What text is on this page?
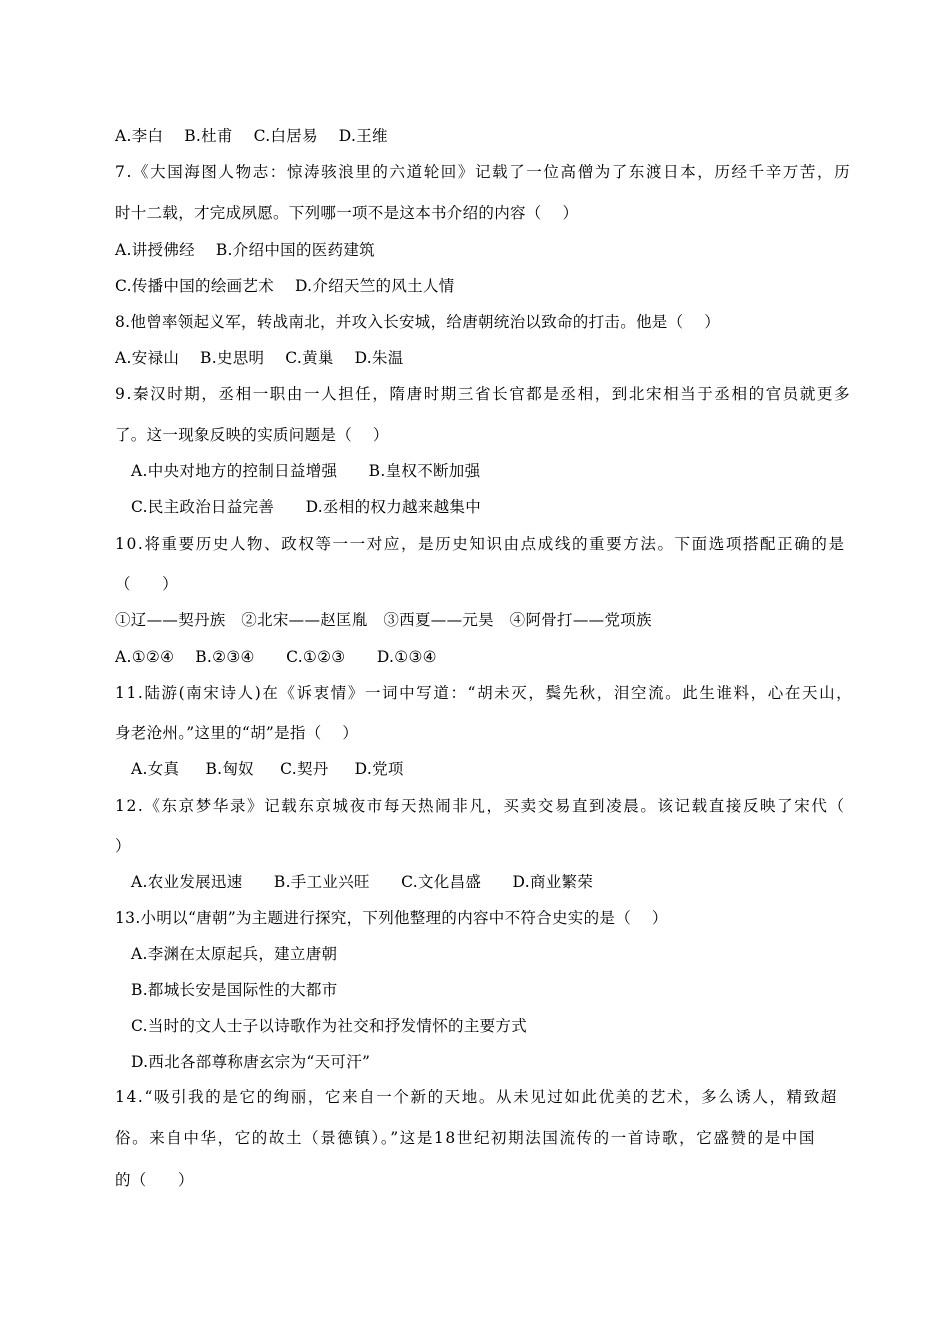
A.李白    B.杜甫    C.白居易    D.王维
7.《大国海图人物志：惊涛骇浪里的六道轮回》记载了一位高僧为了东渡日本，历经千辛万苦，历
时十二载，才完成夙愿。下列哪一项不是这本书介绍的内容（    ）
A.讲授佛经    B.介绍中国的医药建筑
C.传播中国的绘画艺术    D.介绍天竺的风土人情
8.他曾率领起义军，转战南北，并攻入长安城，给唐朝统治以致命的打击。他是（    ）
A.安禄山    B.史思明    C.黄巢    D.朱温
9.秦汉时期，丞相一职由一人担任，隋唐时期三省长官都是丞相，到北宋相当于丞相的官员就更多
了。这一现象反映的实质问题是（    ）
A.中央对地方的控制日益增强      B.皇权不断加强
C.民主政治日益完善      D.丞相的权力越来越集中
10.将重要历史人物、政权等一一对应，是历史知识由点成线的重要方法。下面选项搭配正确的是
（      ）
①辽——契丹族   ②北宋——赵匡胤   ③西夏——元昊   ④阿骨打——党项族
A.①②④    B.②③④      C.①②③      D.①③④
11.陆游(南宋诗人)在《诉衷情》一词中写道：“胡未灭，鬓先秋，泪空流。此生谁料，心在天山，
身老沧州。”这里的“胡”是指（    ）
A.女真     B.匈奴     C.契丹     D.党项
12.《东京梦华录》记载东京城夜市每天热闹非凡，买卖交易直到凌晨。该记载直接反映了宋代（
）
A.农业发展迅速      B.手工业兴旺      C.文化昌盛      D.商业繁荣
13.小明以“唐朝”为主题进行探究，下列他整理的内容中不符合史实的是（    ）
A.李渊在太原起兵，建立唐朝
B.都城长安是国际性的大都市
C.当时的文人士子以诗歌作为社交和抒发情怀的主要方式
D.西北各部尊称唐玄宗为“天可汗”
14.“吸引我的是它的绚丽，它来自一个新的天地。从未见过如此优美的艺术，多么诱人，精致超
俗。来自中华，它的故土（景德镇）。”这是18世纪初期法国流传的一首诗歌，它盛赞的是中国
的（      ）
